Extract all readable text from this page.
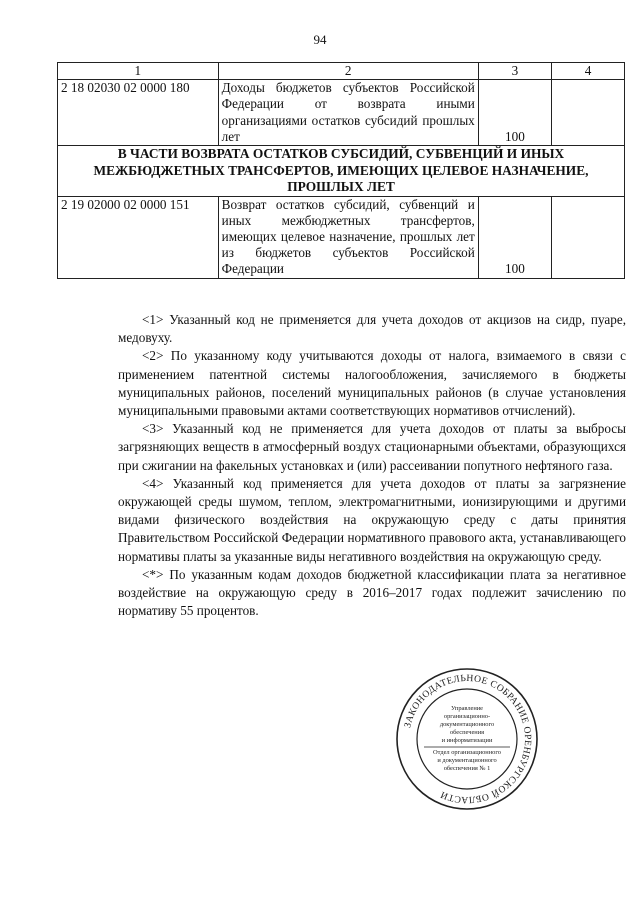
94
1	2	3	4
2 18 02030 02 0000 180	Доходы бюджетов субъектов Российской Федерации от возврата иными организациями остатков субсидий прошлых лет	100	
В ЧАСТИ ВОЗВРАТА ОСТАТКОВ СУБСИДИЙ, СУБВЕНЦИЙ И ИНЫХ МЕЖБЮДЖЕТНЫХ ТРАНСФЕРТОВ, ИМЕЮЩИХ ЦЕЛЕВОЕ НАЗНАЧЕНИЕ, ПРОШЛЫХ ЛЕТ			
2 19 02000 02 0000 151	Возврат остатков субсидий, субвенций и иных межбюджетных трансфертов, имеющих целевое назначение, прошлых лет из бюджетов субъектов Российской Федерации	100	

<1> Указанный код не применяется для учета доходов от акцизов на сидр, пуаре, медовуху.

<2> По указанному коду учитываются доходы от налога, взимаемого в связи с применением патентной системы налогообложения, зачисляемого в бюджеты муниципальных районов, поселений муниципальных районов (в случае установления муниципальными правовыми актами соответствующих нормативов отчислений).

<3> Указанный код не применяется для учета доходов от платы за выбросы загрязняющих веществ в атмосферный воздух стационарными объектами, образующихся при сжигании на факельных установках и (или) рассеивании попутного нефтяного газа.

<4> Указанный код применяется для учета доходов от платы за загрязнение окружающей среды шумом, теплом, электромагнитными, ионизирующими и другими видами физического воздействия на окружающую среду с даты принятия Правительством Российской Федерации нормативного правового акта, устанавливающего нормативы платы за указанные виды негативного воздействия на окружающую среду.

<*> По указанным кодам доходов бюджетной классификации плата за негативное воздействие на окружающую среду в 2016–2017 годах подлежит зачислению по нормативу 55 процентов.

ЗАКОНОДАТЕЛЬНОЕ СОБРАНИЕ ОРЕНБУРГСКОЙ ОБЛАСТИ
Управление
организационно-
документационного
обеспечения
и информатизации
Отдел организационного
и документационного
обеспечения № 1
